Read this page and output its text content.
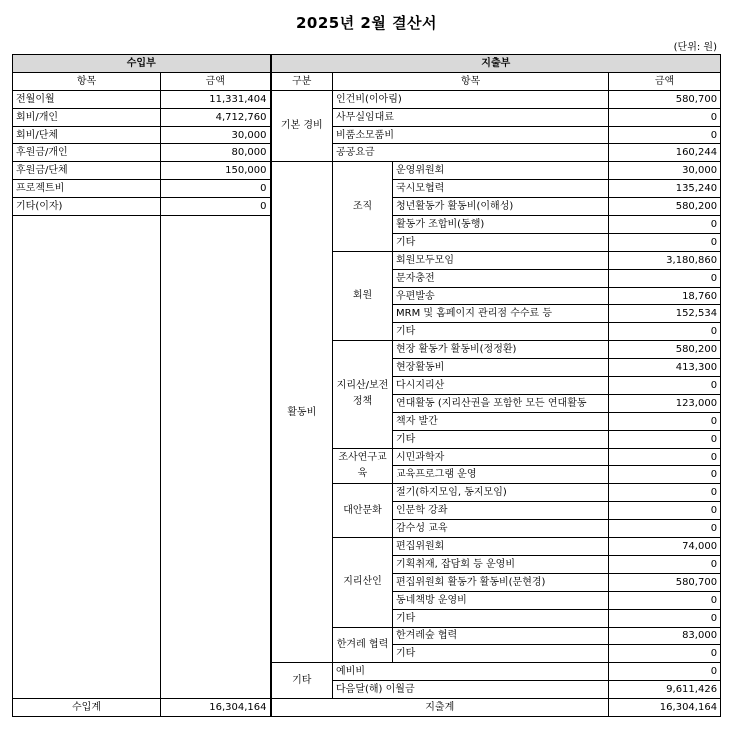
2025년 2월 결산서
(단위: 원)
수입부		지출부			
항목	금액	구분	항목		금액
전월이월	11,331,404	기본 경비	인건비(이아림)		580,700
회비/개인	4,712,760		사무실임대료		0
회비/단체	30,000		비품소모품비		0
후원금/개인	80,000		공공요금		160,244
후원금/단체	150,000	활동비	조직	운영위원회	30,000
프로젝트비	0			국시모협력	135,240
기타(이자)	0			청년활동가 활동비(이해성)	580,200
				활동가 조합비(동행)	0
				기타	0
			회원	회원모두모임	3,180,860
				문자충전	0
				우편발송	18,760
				MRM 및 홈페이지 관리점 수수료 등	152,534
				기타	0
			지리산/보전정책	현장 활동가 활동비(정정환)	580,200
				현장활동비	413,300
				다시지리산	0
				연대활동 (지리산권을 포함한 모든 연대활동	123,000
				책자 발간	0
				기타	0
			조사연구교육	시민과학자	0
				교육프로그램 운영	0
			대안문화	절기(하지모임, 동지모임)	0
				인문학 강좌	0
				감수성 교육	0
			지리산인	편집위원회	74,000
				기획취재, 잡담회 등 운영비	0
				편집위원회 활동가 활동비(문현경)	580,700
				동네책방 운영비	0
				기타	0
			한겨레 협력	한겨레숲 협력	83,000
				기타	0
		기타	예비비		0
			다음달(해) 이월금		9,611,426
수입계	16,304,164	지출계			16,304,164
